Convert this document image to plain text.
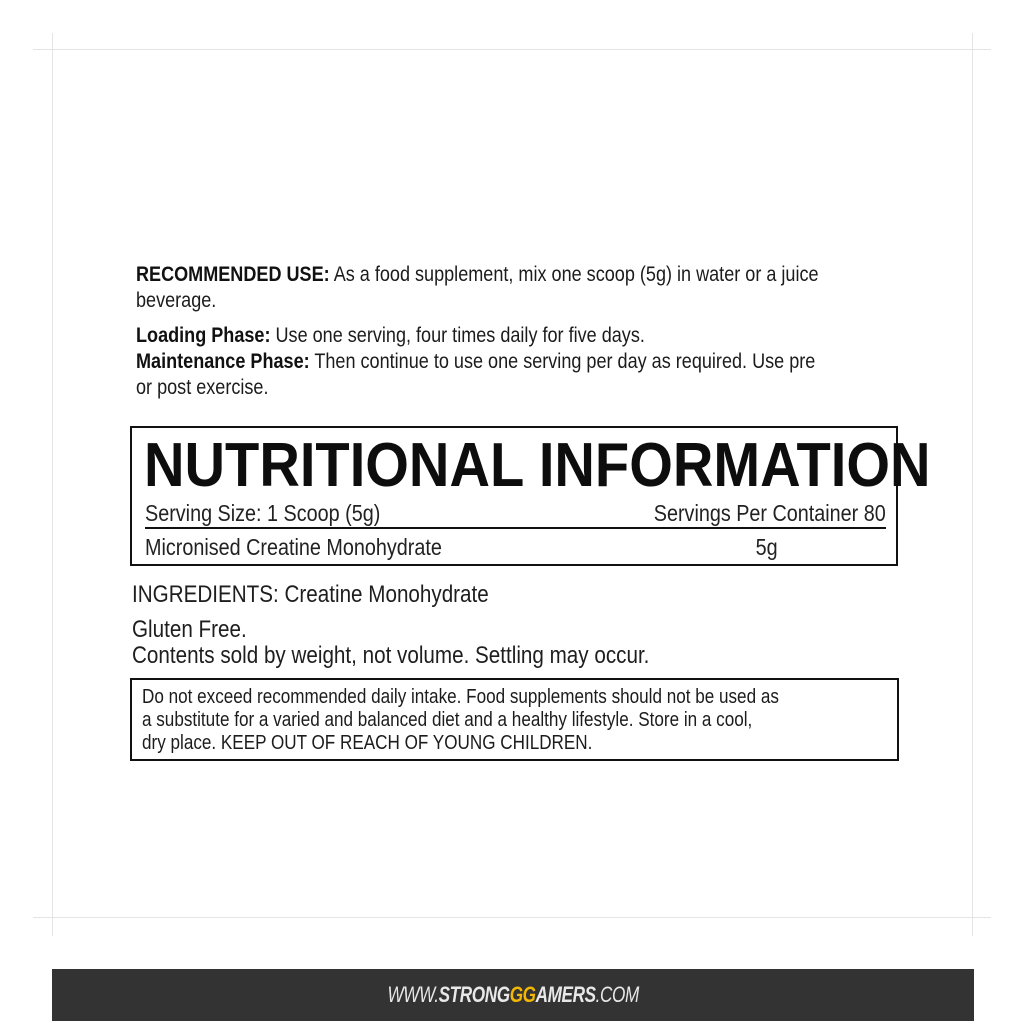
RECOMMENDED USE: As a food supplement, mix one scoop (5g) in water or a juice
beverage.

Loading Phase: Use one serving, four times daily for five days.

Maintenance Phase: Then continue to use one serving per day as required. Use pre
or post exercise.

NUTRITIONAL INFORMATION
Serving Size: 1 Scoop (5g)	Servings Per Container 80
Micronised Creatine Monohydrate	5g
INGREDIENTS: Creatine Monohydrate
Gluten Free.
Contents sold by weight, not volume. Settling may occur.

Do not exceed recommended daily intake. Food supplements should not be used as

a substitute for a varied and balanced diet and a healthy lifestyle. Store in a cool,

dry place. KEEP OUT OF REACH OF YOUNG CHILDREN.

WWW.STRONGGGAMERS.COM
